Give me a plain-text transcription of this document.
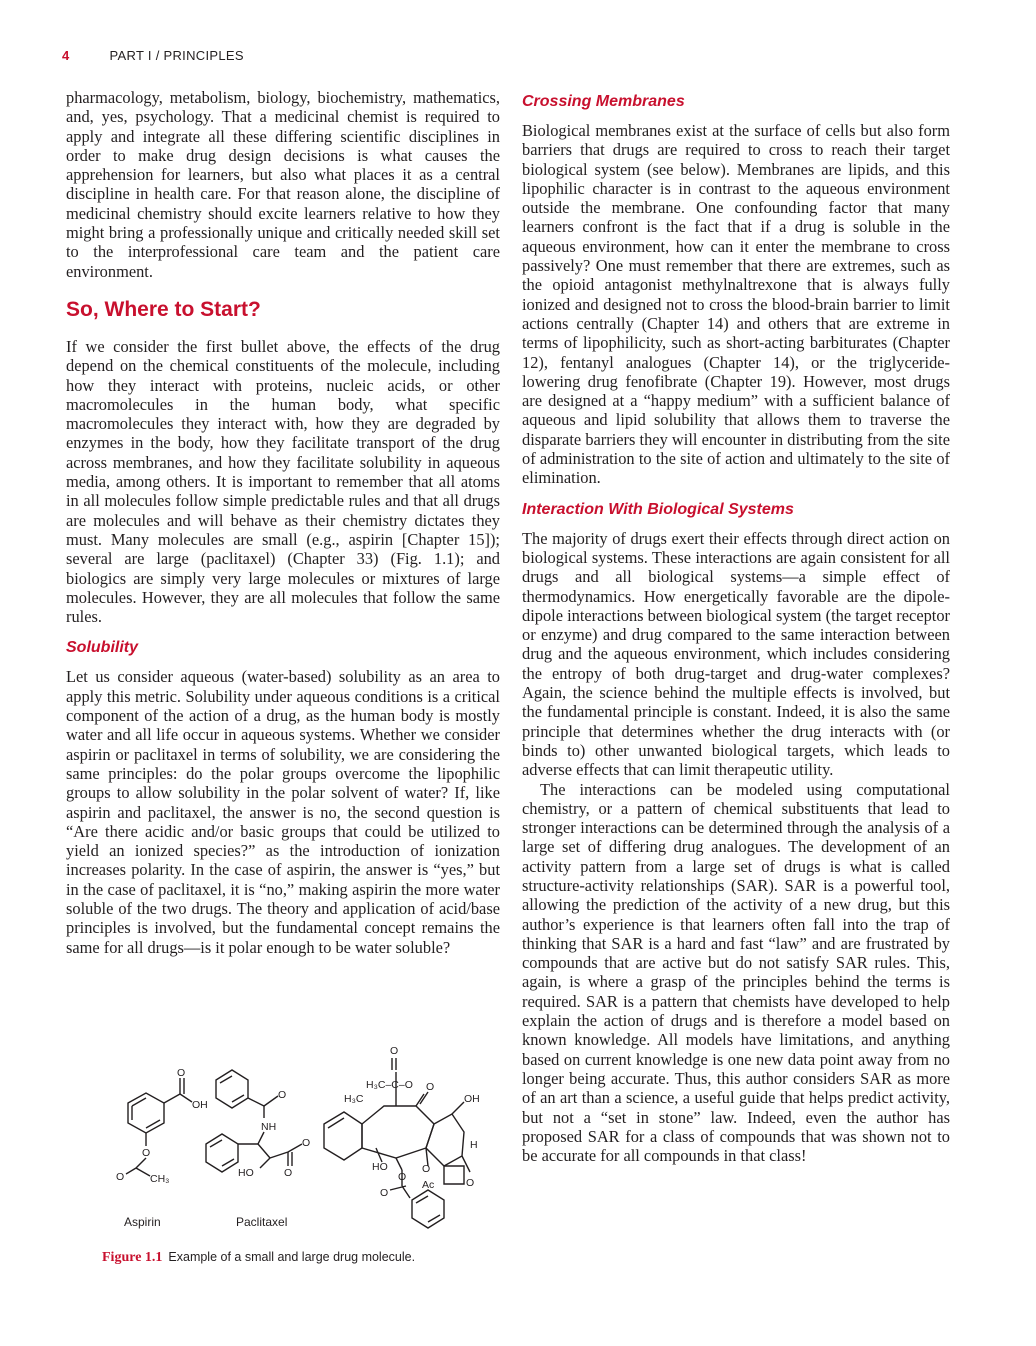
4	PART I / PRINCIPLES

pharmacology, metabolism, biology, biochemistry, mathematics, and, yes, psychology. That a medicinal chemist is required to apply and integrate all these differing scientific disciplines in order to make drug design decisions is what causes the apprehension for learners, but also what places it as a central discipline in health care. For that reason alone, the discipline of medicinal chemistry should excite learners relative to how they might bring a professionally unique and critically needed skill set to the interprofessional care team and the patient care environment.

So, Where to Start?

If we consider the first bullet above, the effects of the drug depend on the chemical constituents of the molecule, including how they interact with proteins, nucleic acids, or other macromolecules in the human body, what specific macromolecules they interact with, how they are degraded by enzymes in the body, how they facilitate transport of the drug across membranes, and how they facilitate solubility in aqueous media, among others. It is important to remember that all atoms in all molecules follow simple predictable rules and that all drugs are molecules and will behave as their chemistry dictates they must. Many molecules are small (e.g., aspirin [Chapter 15]); several are large (paclitaxel) (Chapter 33) (Fig. 1.1); and biologics are simply very large molecules or mixtures of large molecules. However, they are all molecules that follow the same rules.

Solubility

Let us consider aqueous (water-based) solubility as an area to apply this metric. Solubility under aqueous conditions is a critical component of the action of a drug, as the human body is mostly water and all life occur in aqueous systems. Whether we consider aspirin or paclitaxel in terms of solubility, we are considering the same principles: do the polar groups overcome the lipophilic groups to allow solubility in the polar solvent of water? If, like aspirin and paclitaxel, the answer is no, the second question is “Are there acidic and/or basic groups that could be utilized to yield an ionized species?” as the introduction of ionization increases polarity. In the case of aspirin, the answer is “yes,” but in the case of paclitaxel, it is “no,” making aspirin the more water soluble of the two drugs. The theory and application of acid/base principles is involved, but the fundamental concept remains the same for all drugs—is it polar enough to be water soluble?

O
OH
O
O CH₃
O
NH
HO	O
O
O
H₃C–C–O
H₃C
O
OH
H
HO	O
Ac	O
O
O
Aspirin	Paclitaxel
Figure 1.1 Example of a small and large drug molecule.
Crossing Membranes

Biological membranes exist at the surface of cells but also form barriers that drugs are required to cross to reach their target biological system (see below). Membranes are lipids, and this lipophilic character is in contrast to the aqueous environment outside the membrane. One confounding factor that many learners confront is the fact that if a drug is soluble in the aqueous environment, how can it enter the membrane to cross passively? One must remember that there are extremes, such as the opioid antagonist methylnaltrexone that is always fully ionized and designed not to cross the blood-brain barrier to limit actions centrally (Chapter 14) and others that are extreme in terms of lipophilicity, such as short-acting barbiturates (Chapter 12), fentanyl analogues (Chapter 14), or the triglyceride-lowering drug fenofibrate (Chapter 19). However, most drugs are designed at a “happy medium” with a sufficient balance of aqueous and lipid solubility that allows them to traverse the disparate barriers they will encounter in distributing from the site of administration to the site of action and ultimately to the site of elimination.

Interaction With Biological Systems

The majority of drugs exert their effects through direct action on biological systems. These interactions are again consistent for all drugs and all biological systems—a simple effect of thermodynamics. How energetically favorable are the dipole-dipole interactions between biological system (the target receptor or enzyme) and drug compared to the same interaction between drug and the aqueous environment, which includes considering the entropy of both drug-target and drug-water complexes? Again, the science behind the multiple effects is involved, but the fundamental principle is constant. Indeed, it is also the same principle that determines whether the drug interacts with (or binds to) other unwanted biological targets, which leads to adverse effects that can limit therapeutic utility.

The interactions can be modeled using computational chemistry, or a pattern of chemical substituents that lead to stronger interactions can be determined through the analysis of a large set of differing drug analogues. The development of an activity pattern from a large set of drugs is what is called structure-activity relationships (SAR). SAR is a powerful tool, allowing the prediction of the activity of a new drug, but this author’s experience is that learners often fall into the trap of thinking that SAR is a hard and fast “law” and are frustrated by compounds that are active but do not satisfy SAR rules. This, again, is where a grasp of the principles behind the terms is required. SAR is a pattern that chemists have developed to help explain the action of drugs and is therefore a model based on known knowledge. All models have limitations, and anything based on current knowledge is one new data point away from no longer being accurate. Thus, this author considers SAR as more of an art than a science, a useful guide that helps predict activity, but not a “set in stone” law. Indeed, even the author has proposed SAR for a class of compounds that was shown not to be accurate for all compounds in that class!
